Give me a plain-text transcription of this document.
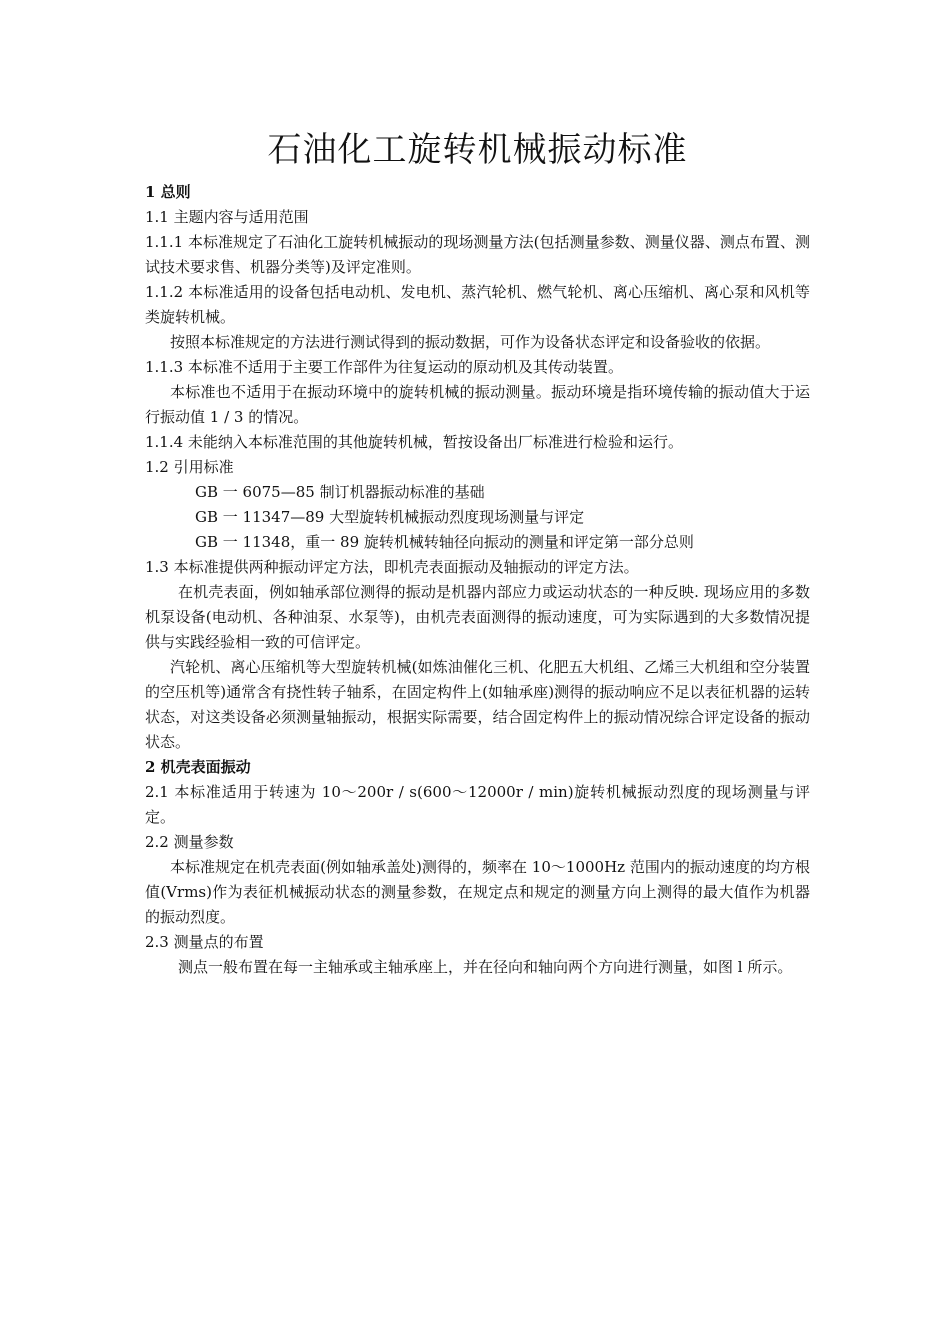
石油化工旋转机械振动标准

1 总则

1.1 主题内容与适用范围

1.1.1 本标准规定了石油化工旋转机械振动的现场测量方法(包括测量参数、测量仪器、测点布置、测试技术要求售、机器分类等)及评定准则。

1.1.2 本标准适用的设备包括电动机、发电机、蒸汽轮机、燃气轮机、离心压缩机、离心泵和风机等类旋转机械。

按照本标准规定的方法进行测试得到的振动数据，可作为设备状态评定和设备验收的依据。

1.1.3 本标准不适用于主要工作部件为往复运动的原动机及其传动装置。

本标准也不适用于在振动环境中的旋转机械的振动测量。振动环境是指环境传输的振动值大于运行振动值 1 / 3 的情况。

1.1.4 未能纳入本标准范围的其他旋转机械，暂按设备出厂标准进行检验和运行。

1.2 引用标准

GB 一 6075—85 制订机器振动标准的基础

GB 一 11347—89 大型旋转机械振动烈度现场测量与评定

GB 一 11348，重一 89 旋转机械转轴径向振动的测量和评定第一部分总则

1.3 本标准提供两种振动评定方法，即机壳表面振动及轴振动的评定方法。

在机壳表面，例如轴承部位测得的振动是机器内部应力或运动状态的一种反映. 现场应用的多数机泵设备(电动机、各种油泵、水泵等)，由机壳表面测得的振动速度，可为实际遇到的大多数情况提供与实践经验相一致的可信评定。

汽轮机、离心压缩机等大型旋转机械(如炼油催化三机、化肥五大机组、乙烯三大机组和空分装置的空压机等)通常含有挠性转子轴系，在固定构件上(如轴承座)测得的振动响应不足以表征机器的运转状态，对这类设备必须测量轴振动，根据实际需要，结合固定构件上的振动情况综合评定设备的振动状态。

2 机壳表面振动

2.1 本标准适用于转速为 10～200r / s(600～12000r / min)旋转机械振动烈度的现场测量与评定。

2.2 测量参数

本标准规定在机壳表面(例如轴承盖处)测得的，频率在 10～1000Hz 范围内的振动速度的均方根值(Vrms)作为表征机械振动状态的测量参数，在规定点和规定的测量方向上测得的最大值作为机器的振动烈度。

2.3 测量点的布置

测点一般布置在每一主轴承或主轴承座上，并在径向和轴向两个方向进行测量，如图 l 所示。
